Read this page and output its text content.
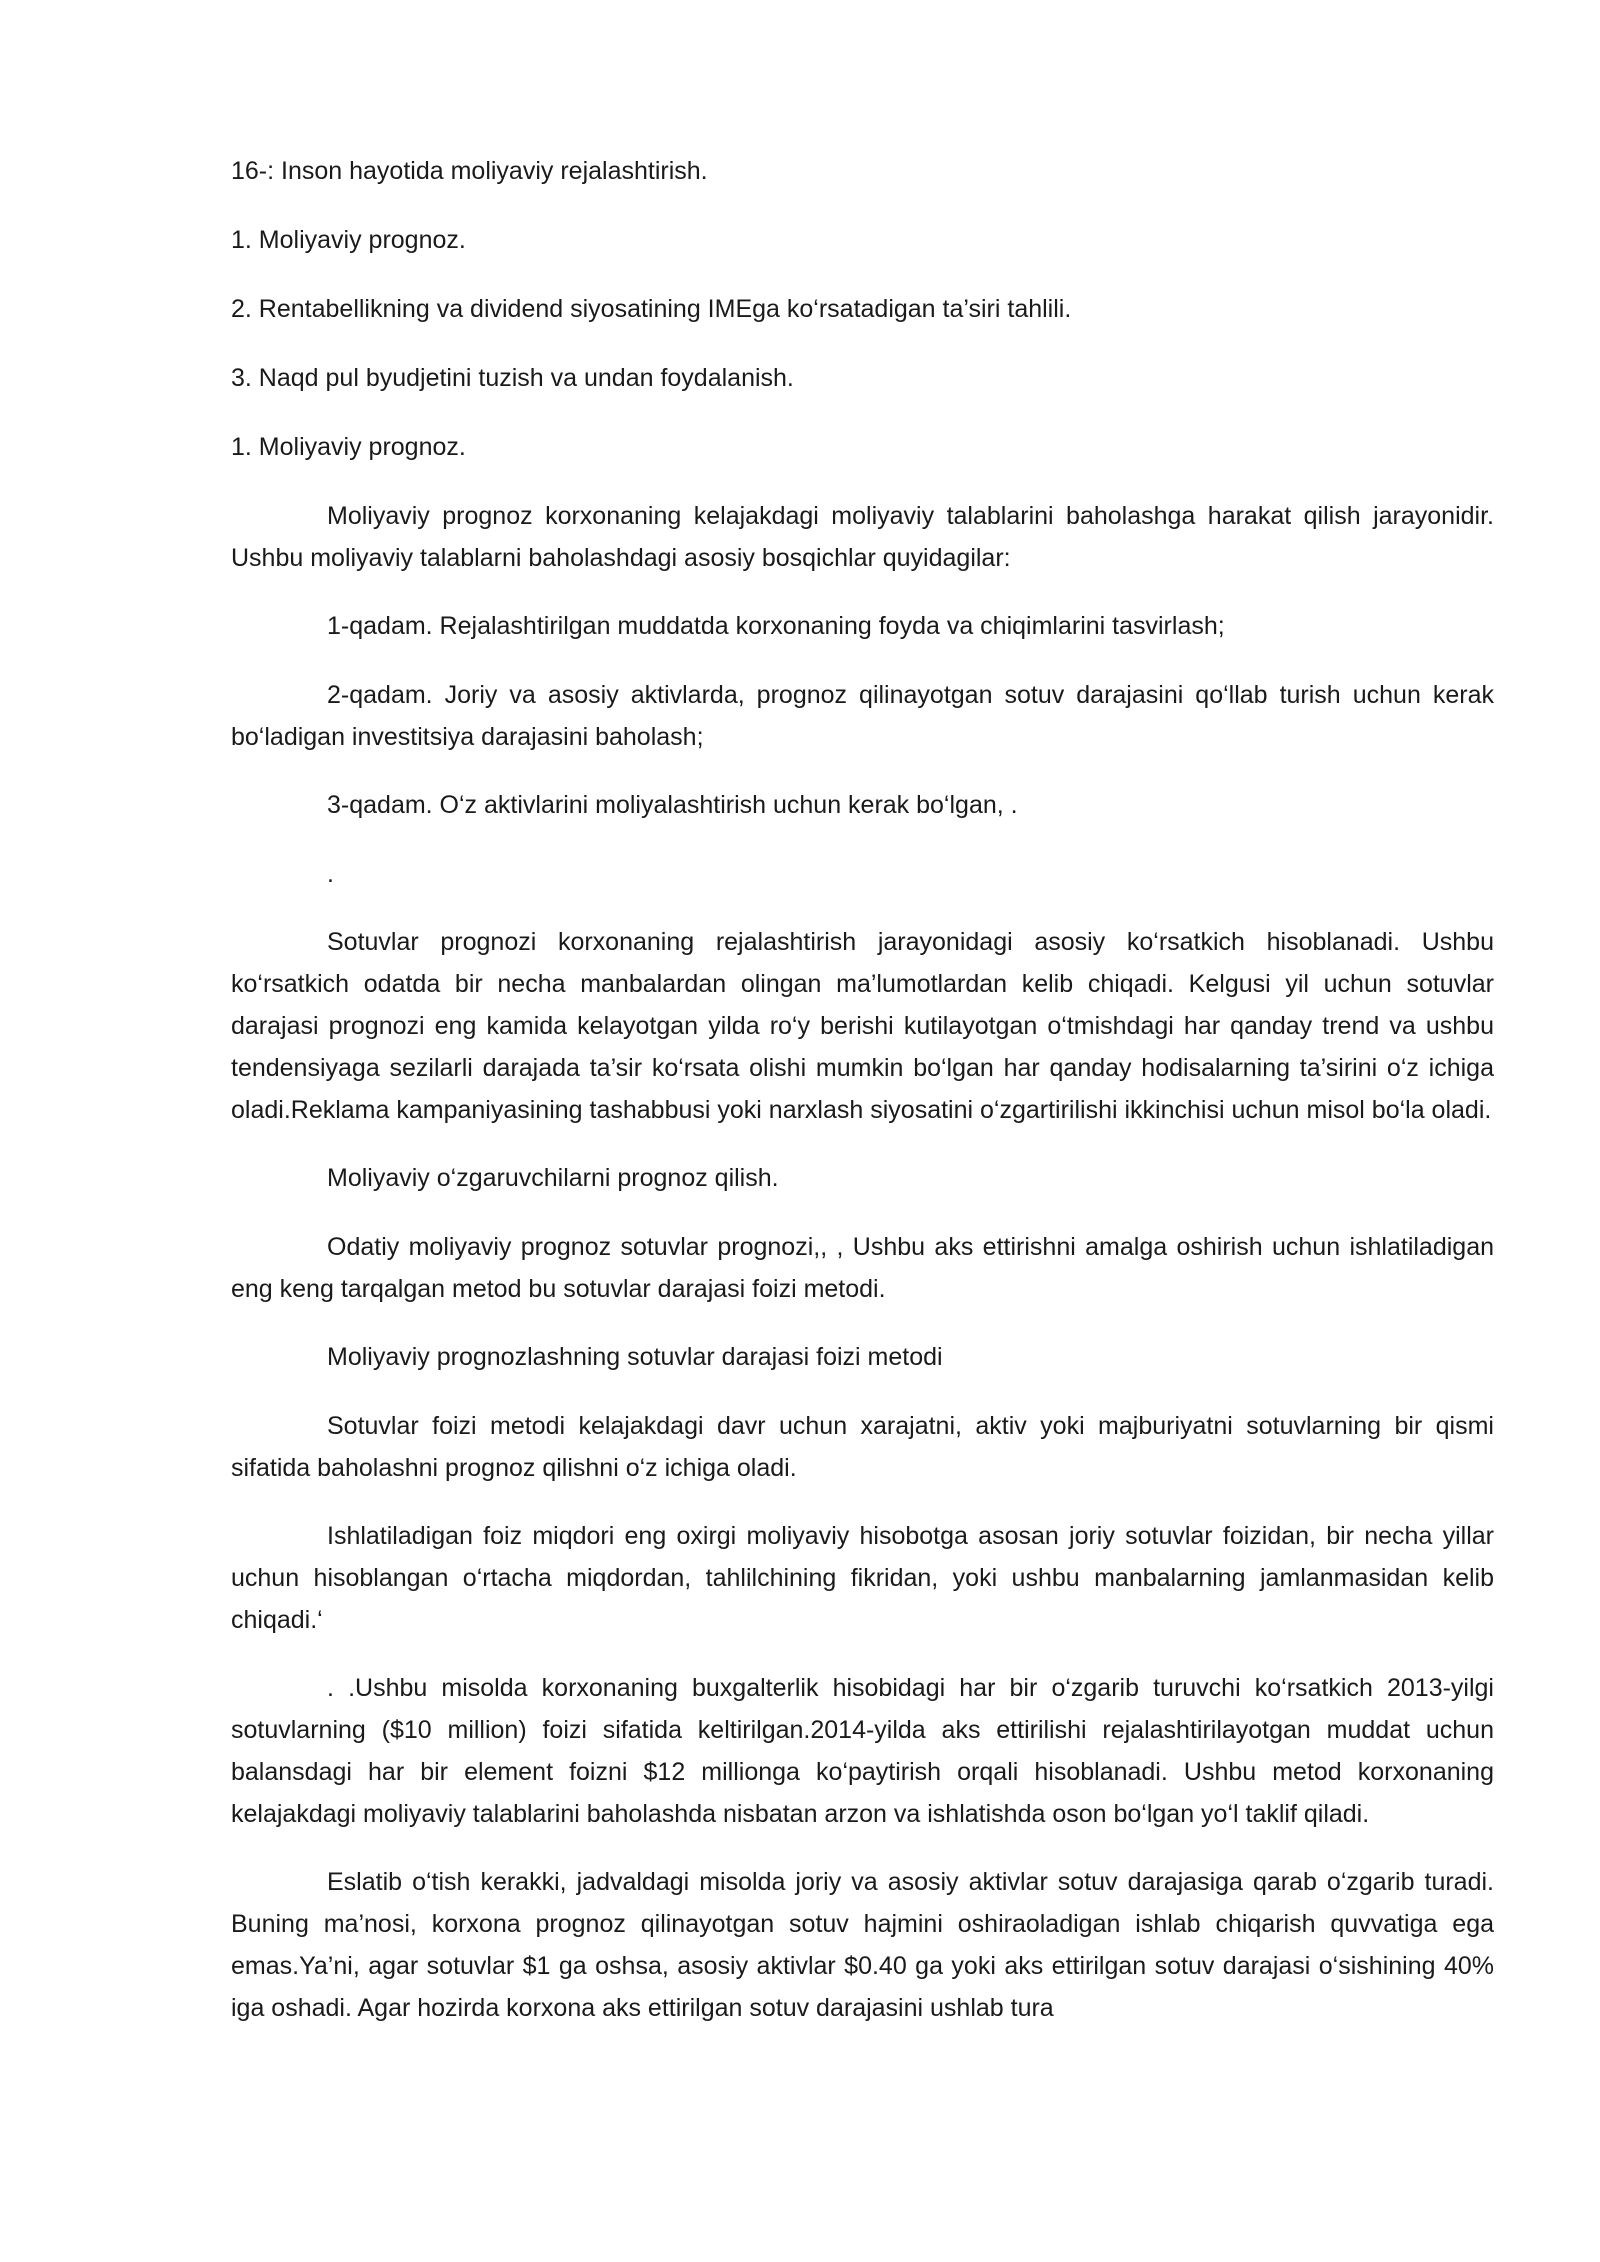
16-: Inson hayotida moliyaviy rejalashtirish.
1. Moliyaviy prognoz.
2. Rentabellikning va dividend siyosatining IMEga ko‘rsatadigan ta’siri tahlili.
3. Naqd pul byudjetini tuzish va undan foydalanish.
1. Moliyaviy prognoz.

Moliyaviy prognoz korxonaning kelajakdagi moliyaviy talablarini baholashga harakat qilish jarayonidir. Ushbu moliyaviy talablarni baholashdagi asosiy bosqichlar quyidagilar:

1-qadam. Rejalashtirilgan muddatda korxonaning foyda va chiqimlarini tasvirlash;

2-qadam. Joriy va asosiy aktivlarda, prognoz qilinayotgan sotuv darajasini qo‘llab turish uchun kerak bo‘ladigan investitsiya darajasini baholash;

3-qadam. O‘z aktivlarini moliyalashtirish uchun kerak bo‘lgan, .

.

Sotuvlar prognozi korxonaning rejalashtirish jarayonidagi asosiy ko‘rsatkich hisoblanadi. Ushbu ko‘rsatkich odatda bir necha manbalardan olingan ma’lumotlardan kelib chiqadi. Kelgusi yil uchun sotuvlar darajasi prognozi eng kamida kelayotgan yilda ro‘y berishi kutilayotgan o‘tmishdagi har qanday trend va ushbu tendensiyaga sezilarli darajada ta’sir ko‘rsata olishi mumkin bo‘lgan har qanday hodisalarning ta’sirini o‘z ichiga oladi.Reklama kampaniyasining tashabbusi yoki narxlash siyosatini o‘zgartirilishi ikkinchisi uchun misol bo‘la oladi.

Moliyaviy o‘zgaruvchilarni prognoz qilish.

Odatiy moliyaviy prognoz sotuvlar prognozi,, , Ushbu aks ettirishni amalga oshirish uchun ishlatiladigan eng keng tarqalgan metod bu sotuvlar darajasi foizi metodi.

Moliyaviy prognozlashning sotuvlar darajasi foizi metodi

Sotuvlar foizi metodi kelajakdagi davr uchun xarajatni, aktiv yoki majburiyatni sotuvlarning bir qismi sifatida baholashni prognoz qilishni o‘z ichiga oladi.

Ishlatiladigan foiz miqdori eng oxirgi moliyaviy hisobotga asosan joriy sotuvlar foizidan, bir necha yillar uchun hisoblangan o‘rtacha miqdordan, tahlilchining fikridan, yoki ushbu manbalarning jamlanmasidan kelib chiqadi.‘

. .Ushbu misolda korxonaning buxgalterlik hisobidagi har bir o‘zgarib turuvchi ko‘rsatkich 2013-yilgi sotuvlarning ($10 million) foizi sifatida keltirilgan.2014-yilda aks ettirilishi rejalashtirilayotgan muddat uchun balansdagi har bir element foizni $12 millionga ko‘paytirish orqali hisoblanadi. Ushbu metod korxonaning kelajakdagi moliyaviy talablarini baholashda nisbatan arzon va ishlatishda oson bo‘lgan yo‘l taklif qiladi.

Eslatib o‘tish kerakki, jadvaldagi misolda joriy va asosiy aktivlar sotuv darajasiga qarab o‘zgarib turadi. Buning ma’nosi, korxona prognoz qilinayotgan sotuv hajmini oshiraoladigan ishlab chiqarish quvvatiga ega emas.Ya’ni, agar sotuvlar $1 ga oshsa, asosiy aktivlar $0.40 ga yoki aks ettirilgan sotuv darajasi o‘sishining 40% iga oshadi. Agar hozirda korxona aks ettirilgan sotuv darajasini ushlab tura
